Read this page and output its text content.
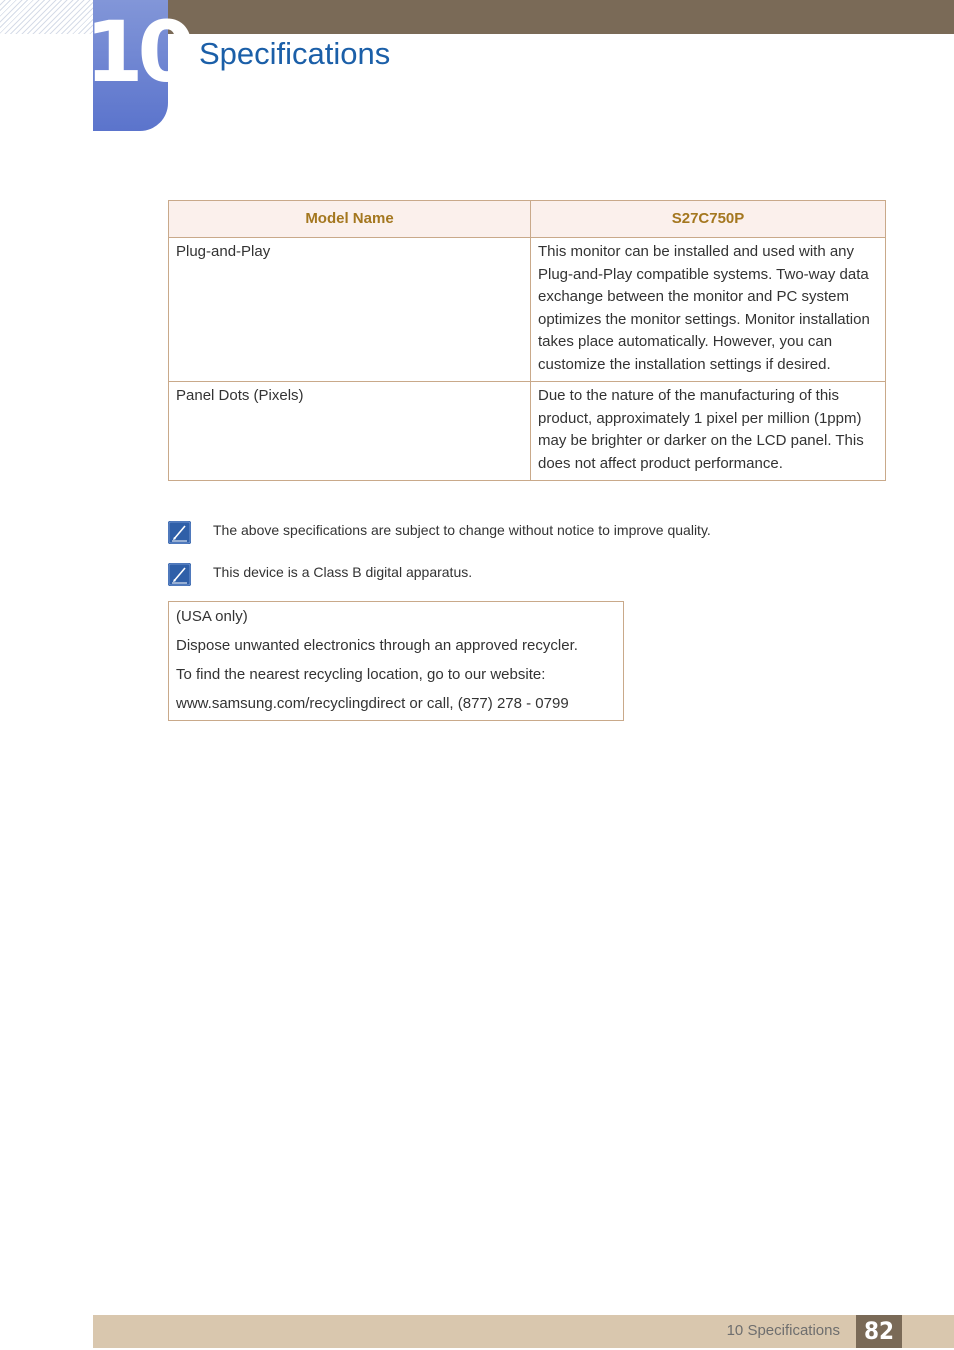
10 Specifications
Model Name	S27C750P
Plug-and-Play	This monitor can be installed and used with any Plug-and-Play compatible systems. Two-way data exchange between the monitor and PC system optimizes the monitor settings. Monitor installation takes place automatically. However, you can customize the installation settings if desired.
Panel Dots (Pixels)	Due to the nature of the manufacturing of this product, approximately 1 pixel per million (1ppm) may be brighter or darker on the LCD panel. This does not affect product performance.
The above specifications are subject to change without notice to improve quality.
This device is a Class B digital apparatus.

(USA only)

Dispose unwanted electronics through an approved recycler.

To find the nearest recycling location, go to our website:

www.samsung.com/recyclingdirect or call, (877) 278 - 0799

10 Specifications 82
